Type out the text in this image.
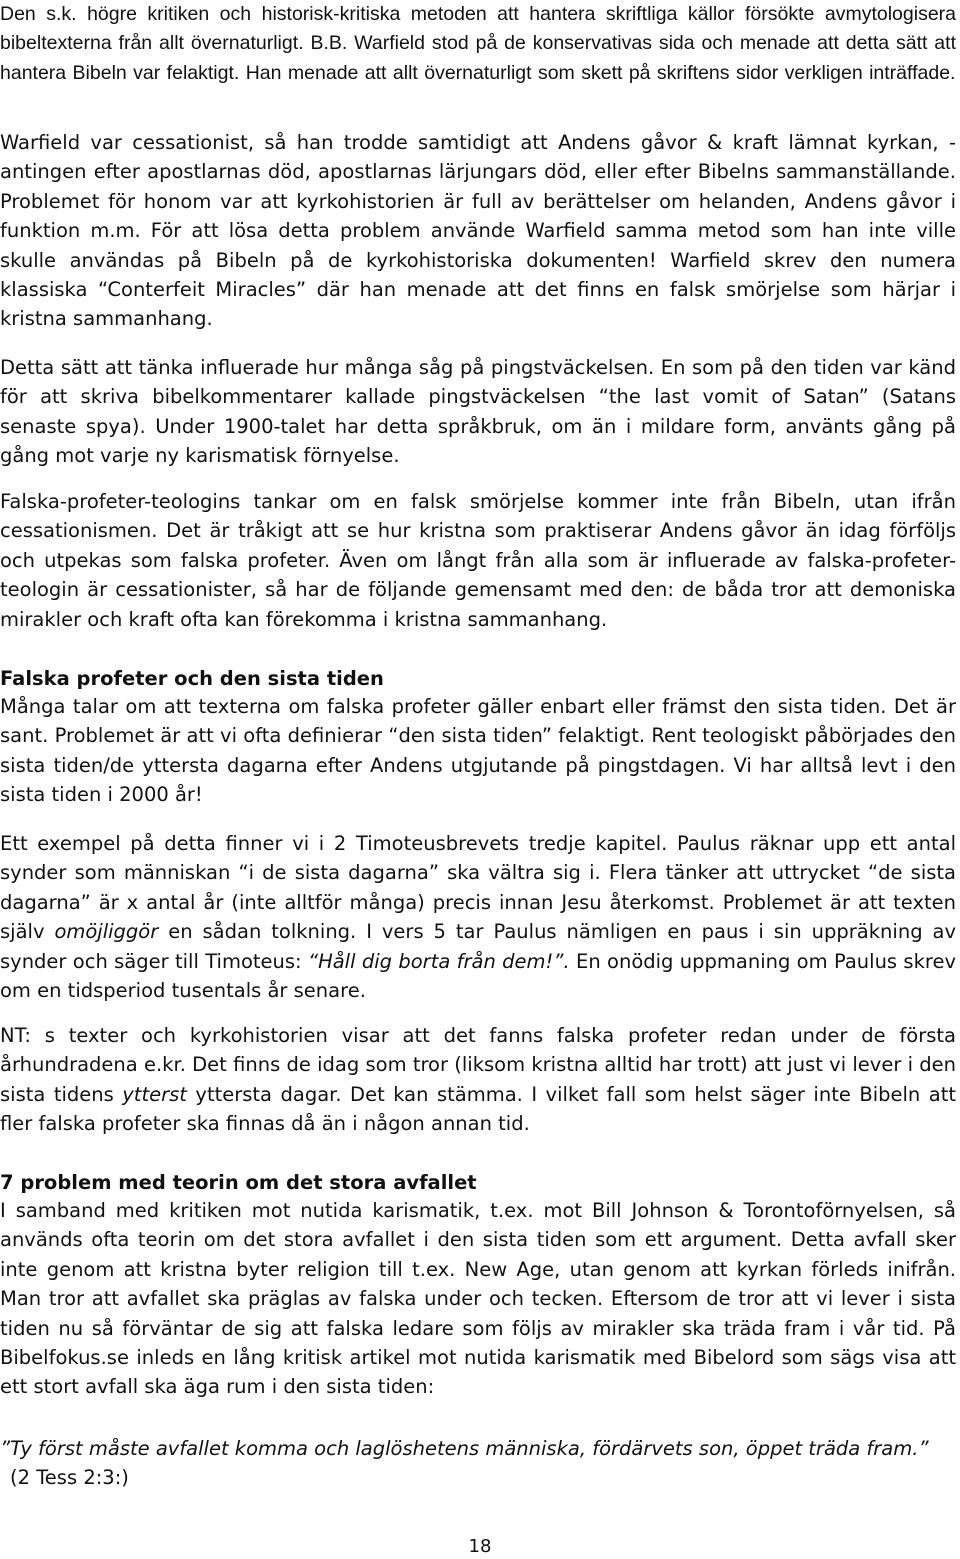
Den s.k. högre kritiken och historisk-kritiska metoden att hantera skriftliga källor försökte avmytologisera bibeltexterna från allt övernaturligt. B.B. Warfield stod på de konservativas sida och menade att detta sätt att hantera Bibeln var felaktigt. Han menade att allt övernaturligt som skett på skriftens sidor verkligen inträffade.

Warfield var cessationist, så han trodde samtidigt att Andens gåvor & kraft lämnat kyrkan, - antingen efter apostlarnas död, apostlarnas lärjungars död, eller efter Bibelns sammanställande. Problemet för honom var att kyrkohistorien är full av berättelser om helanden, Andens gåvor i funktion m.m. För att lösa detta problem använde Warfield samma metod som han inte ville skulle användas på Bibeln på de kyrkohistoriska dokumenten! Warfield skrev den numera klassiska “Conterfeit Miracles” där han menade att det finns en falsk smörjelse som härjar i kristna sammanhang.

Detta sätt att tänka influerade hur många såg på pingstväckelsen. En som på den tiden var känd för att skriva bibelkommentarer kallade pingstväckelsen “the last vomit of Satan” (Satans senaste spya). Under 1900-talet har detta språkbruk, om än i mildare form, använts gång på gång mot varje ny karismatisk förnyelse.

Falska-profeter-teologins tankar om en falsk smörjelse kommer inte från Bibeln, utan ifrån cessationismen. Det är tråkigt att se hur kristna som praktiserar Andens gåvor än idag förföljs och utpekas som falska profeter. Även om långt från alla som är influerade av falska-profeter-teologin är cessationister, så har de följande gemensamt med den: de båda tror att demoniska mirakler och kraft ofta kan förekomma i kristna sammanhang.

Falska profeter och den sista tiden

Många talar om att texterna om falska profeter gäller enbart eller främst den sista tiden. Det är sant. Problemet är att vi ofta definierar “den sista tiden” felaktigt. Rent teologiskt påbörjades den sista tiden/de yttersta dagarna efter Andens utgjutande på pingstdagen. Vi har alltså levt i den sista tiden i 2000 år!

Ett exempel på detta finner vi i 2 Timoteusbrevets tredje kapitel. Paulus räknar upp ett antal synder som människan “i de sista dagarna” ska vältra sig i. Flera tänker att uttrycket “de sista dagarna” är x antal år (inte alltför många) precis innan Jesu återkomst. Problemet är att texten själv omöjliggör en sådan tolkning. I vers 5 tar Paulus nämligen en paus i sin uppräkning av synder och säger till Timoteus: “Håll dig borta från dem!”. En onödig uppmaning om Paulus skrev om en tidsperiod tusentals år senare.

NT: s texter och kyrkohistorien visar att det fanns falska profeter redan under de första århundradena e.kr. Det finns de idag som tror (liksom kristna alltid har trott) att just vi lever i den sista tidens ytterst yttersta dagar. Det kan stämma. I vilket fall som helst säger inte Bibeln att fler falska profeter ska finnas då än i någon annan tid.

7 problem med teorin om det stora avfallet

I samband med kritiken mot nutida karismatik, t.ex. mot Bill Johnson & Torontoförnyelsen, så används ofta teorin om det stora avfallet i den sista tiden som ett argument. Detta avfall sker inte genom att kristna byter religion till t.ex. New Age, utan genom att kyrkan förleds inifrån. Man tror att avfallet ska präglas av falska under och tecken. Eftersom de tror att vi lever i sista tiden nu så förväntar de sig att falska ledare som följs av mirakler ska träda fram i vår tid. På Bibelfokus.se inleds en lång kritisk artikel mot nutida karismatik med Bibelord som sägs visa att ett stort avfall ska äga rum i den sista tiden:

”Ty först måste avfallet komma och laglöshetens människa, fördärvets son, öppet träda fram.”

(2 Tess 2:3:)

18
